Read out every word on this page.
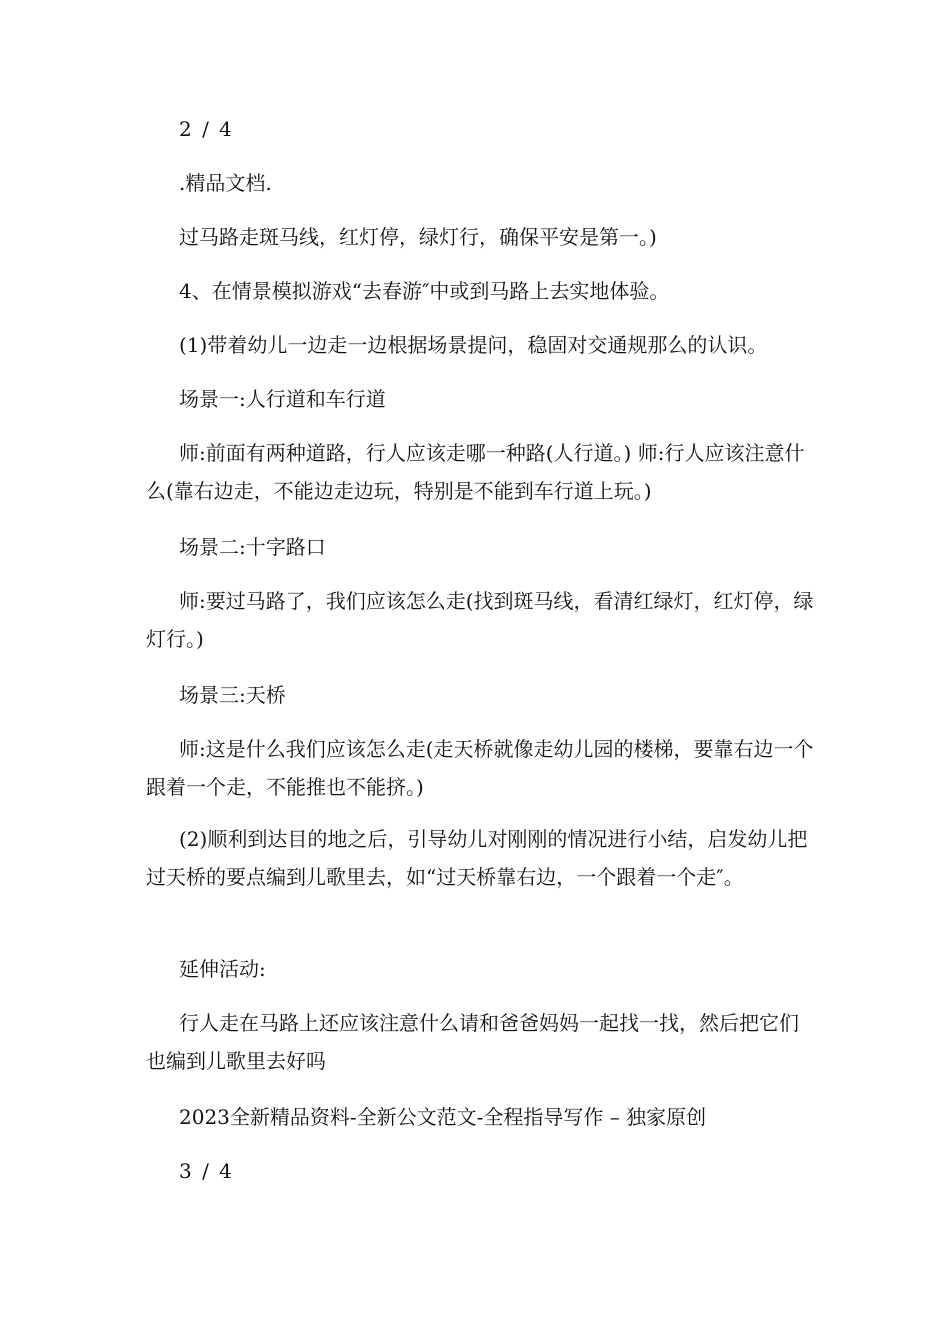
2 / 4

.精品文档.

过马路走斑马线，红灯停，绿灯行，确保平安是第一。)

4、在情景模拟游戏“去春游″中或到马路上去实地体验。

(1)带着幼儿一边走一边根据场景提问，稳固对交通规那么的认识。

场景一:人行道和车行道

师:前面有两种道路，行人应该走哪一种路(人行道。) 师:行人应该注意什么(靠右边走，不能边走边玩，特别是不能到车行道上玩。)

场景二:十字路口

师:要过马路了，我们应该怎么走(找到斑马线，看清红绿灯，红灯停，绿灯行。)

场景三:天桥

师:这是什么我们应该怎么走(走天桥就像走幼儿园的楼梯，要靠右边一个跟着一个走，不能推也不能挤。)

(2)顺利到达目的地之后，引导幼儿对刚刚的情况进行小结，启发幼儿把过天桥的要点编到儿歌里去，如“过天桥靠右边，一个跟着一个走″。

延伸活动:

行人走在马路上还应该注意什么请和爸爸妈妈一起找一找，然后把它们也编到儿歌里去好吗

2023全新精品资料-全新公文范文-全程指导写作 – 独家原创

3 / 4
